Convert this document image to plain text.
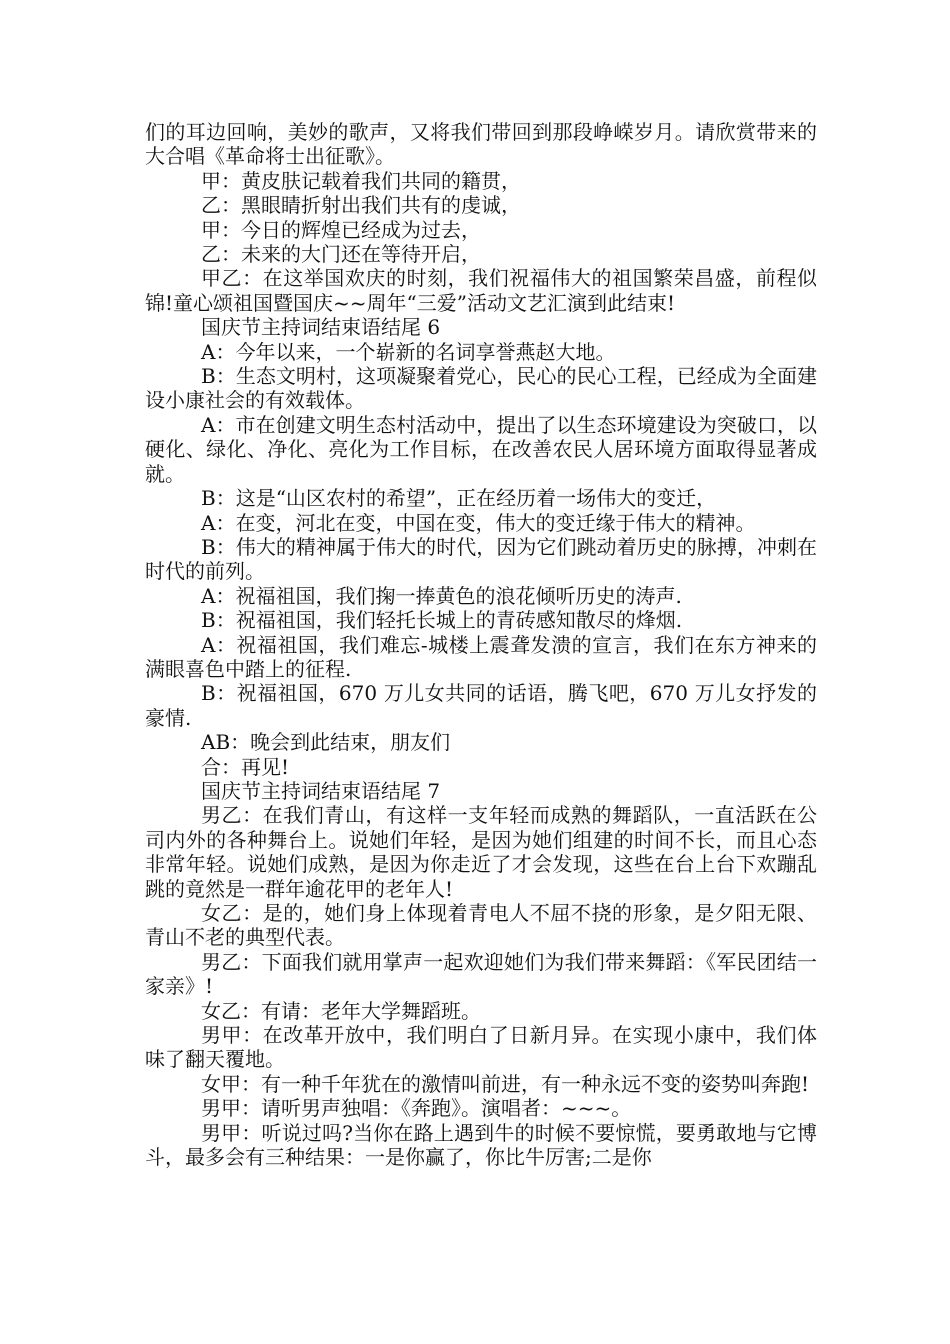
们的耳边回响，美妙的歌声，又将我们带回到那段峥嵘岁月。请欣赏带来的大合唱《革命将士出征歌》。

甲：黄皮肤记载着我们共同的籍贯，

乙：黑眼睛折射出我们共有的虔诚，

甲：今日的辉煌已经成为过去，

乙：未来的大门还在等待开启，

甲乙：在这举国欢庆的时刻，我们祝福伟大的祖国繁荣昌盛，前程似锦!童心颂祖国暨国庆~~周年“三爱”活动文艺汇演到此结束!

国庆节主持词结束语结尾 6

A：今年以来，一个崭新的名词享誉燕赵大地。

B：生态文明村，这项凝聚着党心，民心的民心工程，已经成为全面建设小康社会的有效载体。

A：市在创建文明生态村活动中，提出了以生态环境建设为突破口，以硬化、绿化、净化、亮化为工作目标，在改善农民人居环境方面取得显著成就。

B：这是“山区农村的希望”，正在经历着一场伟大的变迁，

A：在变，河北在变，中国在变，伟大的变迁缘于伟大的精神。

B：伟大的精神属于伟大的时代，因为它们跳动着历史的脉搏，冲刺在时代的前列。

A：祝福祖国，我们掬一捧黄色的浪花倾听历史的涛声.

B：祝福祖国，我们轻托长城上的青砖感知散尽的烽烟.

A：祝福祖国，我们难忘-城楼上震聋发溃的宣言，我们在东方神来的满眼喜色中踏上的征程.

B：祝福祖国，670 万儿女共同的话语，腾飞吧，670 万儿女抒发的豪情.

AB：晚会到此结束，朋友们

合：再见!

国庆节主持词结束语结尾 7

男乙：在我们青山，有这样一支年轻而成熟的舞蹈队，一直活跃在公司内外的各种舞台上。说她们年轻，是因为她们组建的时间不长，而且心态非常年轻。说她们成熟，是因为你走近了才会发现，这些在台上台下欢蹦乱跳的竟然是一群年逾花甲的老年人!

女乙：是的，她们身上体现着青电人不屈不挠的形象，是夕阳无限、青山不老的典型代表。

男乙：下面我们就用掌声一起欢迎她们为我们带来舞蹈：《军民团结一家亲》!

女乙：有请：老年大学舞蹈班。

男甲：在改革开放中，我们明白了日新月异。在实现小康中，我们体味了翻天覆地。

女甲：有一种千年犹在的激情叫前进，有一种永远不变的姿势叫奔跑!

男甲：请听男声独唱：《奔跑》。演唱者：~~~。

男甲：听说过吗?当你在路上遇到牛的时候不要惊慌，要勇敢地与它博斗，最多会有三种结果：一是你赢了，你比牛厉害;二是你
